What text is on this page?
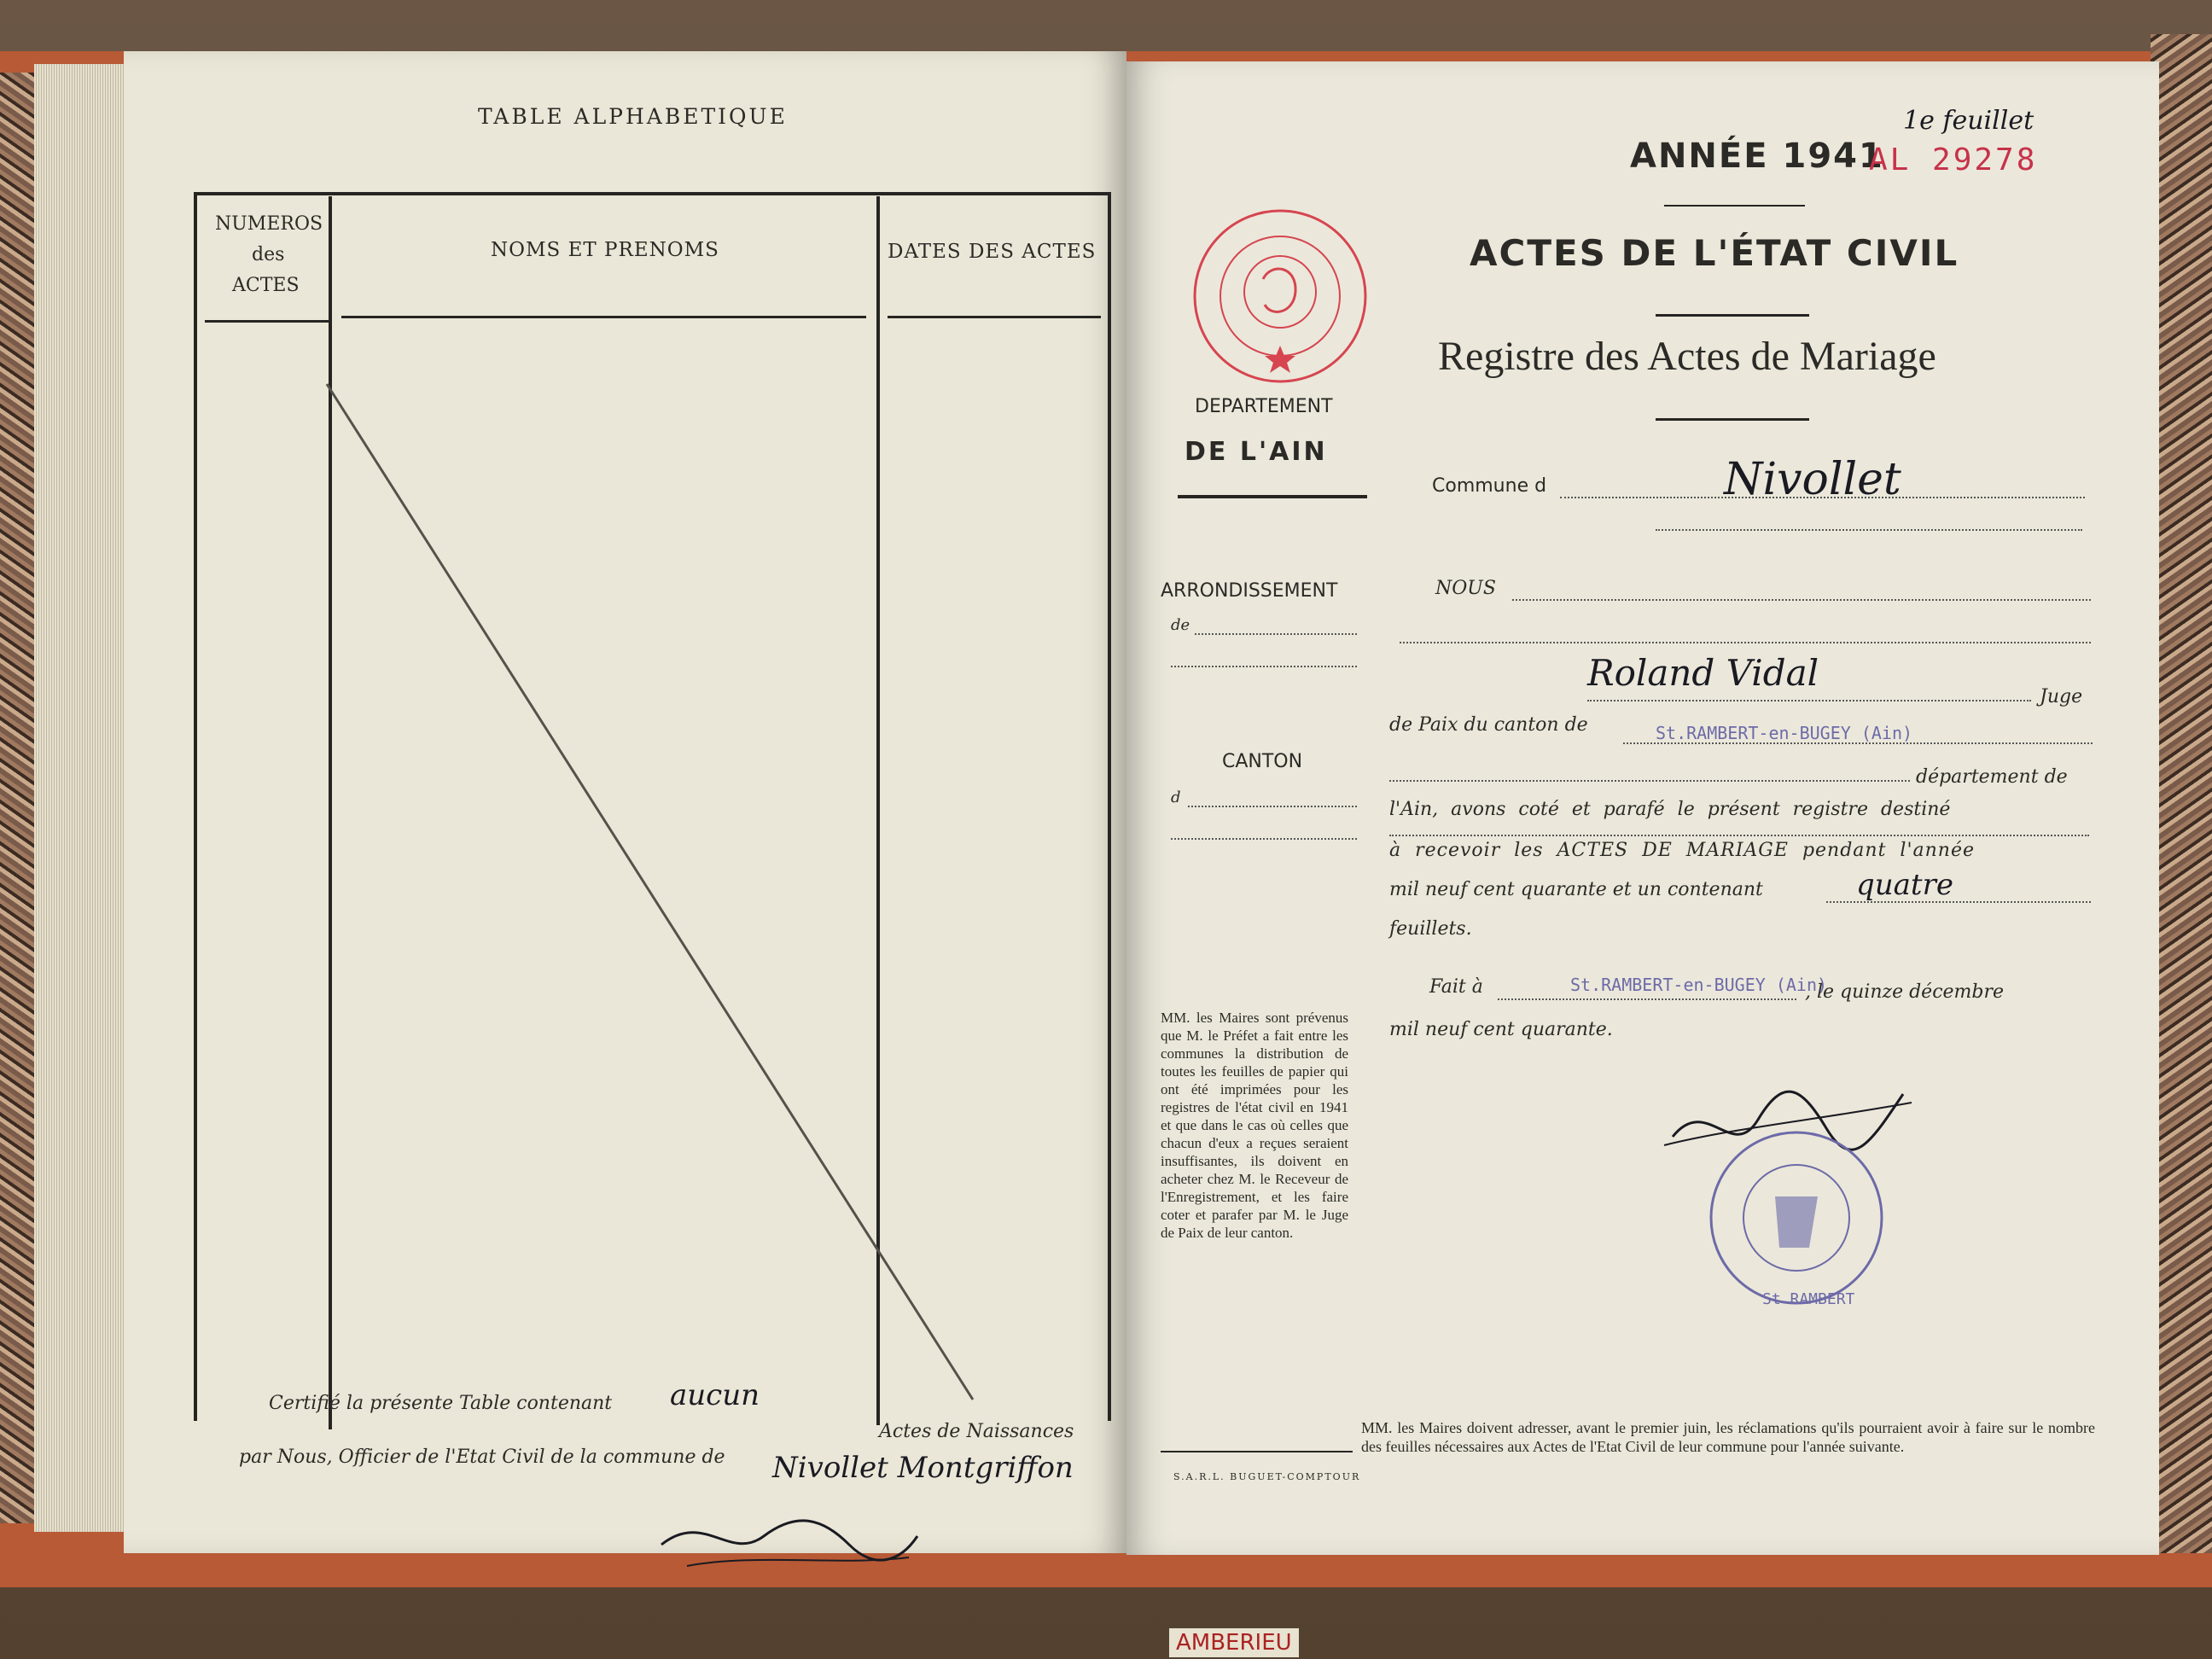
TABLE ALPHABETIQUE
NUMEROS
des
ACTES
NOMS ET PRENOMS	DATES DES ACTES
Certifié la présente Table contenant aucun
par Nous, Officier de l'Etat Civil de la commune de
Actes de Naissances
Nivollet Montgriffon
ANNÉE 1941
AL 29278
1e feuillet
DEPARTEMENT
DE L'AIN
ARRONDISSEMENT
de
CANTON
d
ACTES DE L'ÉTAT CIVIL
Registre des Actes de Mariage
Commune d	Nivollet
NOUS
Roland Vidal
Juge
de Paix du canton de	St.RAMBERT-en-BUGEY (Ain)
département de
l'Ain, avons coté et parafé le présent registre destiné
à recevoir les ACTES DE MARIAGE pendant l'année
mil neuf cent quarante et un contenant	quatre
feuillets.
Fait à	St.RAMBERT-en-BUGEY (Ain)
, le quinze décembre
mil neuf cent quarante.
St RAMBERT
MM. les Maires sont prévenus que M. le Préfet a fait entre les communes la distribution de toutes les feuilles de papier qui ont été imprimées pour les registres de l'état civil en 1941 et que dans le cas où celles que chacun d'eux a reçues seraient insuffisantes, ils doivent en acheter chez M. le Receveur de l'Enregistrement, et les faire coter et parafer par M. le Juge de Paix de leur canton.
S.A.R.L. BUGUET-COMPTOUR
MM. les Maires doivent adresser, avant le premier juin, les réclamations qu'ils pourraient avoir à faire sur le nombre des feuilles nécessaires aux Actes de l'Etat Civil de leur commune pour l'année suivante.
AMBERIEU
